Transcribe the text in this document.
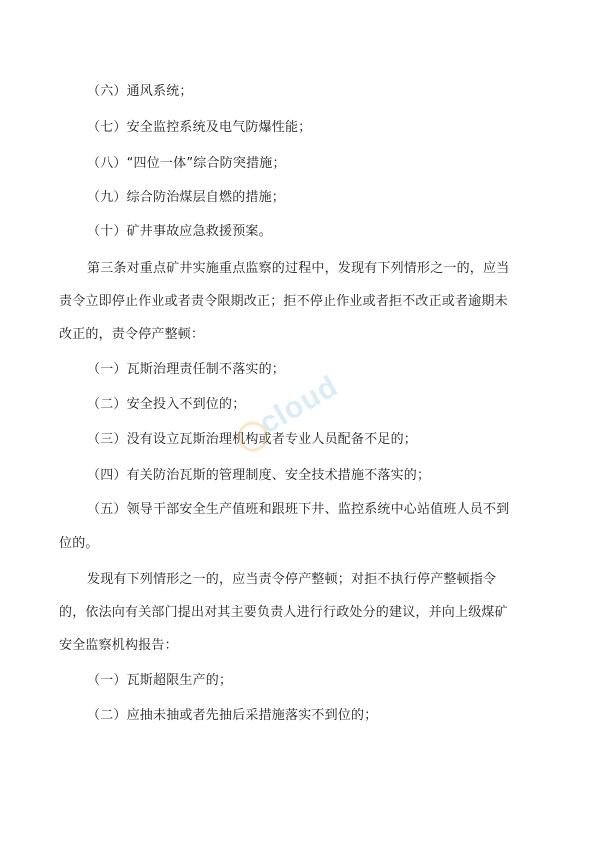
（六）通风系统；

（七）安全监控系统及电气防爆性能；

（八）“四位一体”综合防突措施；

（九）综合防治煤层自燃的措施；

（十）矿井事故应急救援预案。

第三条对重点矿井实施重点监察的过程中，发现有下列情形之一的，应当

责令立即停止作业或者责令限期改正；拒不停止作业或者拒不改正或者逾期未

改正的，责令停产整顿：

（一）瓦斯治理责任制不落实的；

（二）安全投入不到位的；

（三）没有设立瓦斯治理机构或者专业人员配备不足的；

（四）有关防治瓦斯的管理制度、安全技术措施不落实的；

（五）领导干部安全生产值班和跟班下井、监控系统中心站值班人员不到

位的。

发现有下列情形之一的，应当责令停产整顿；对拒不执行停产整顿指令

的，依法向有关部门提出对其主要负责人进行行政处分的建议，并向上级煤矿

安全监察机构报告：

（一）瓦斯超限生产的；

（二）应抽未抽或者先抽后采措施落实不到位的；

cloud
